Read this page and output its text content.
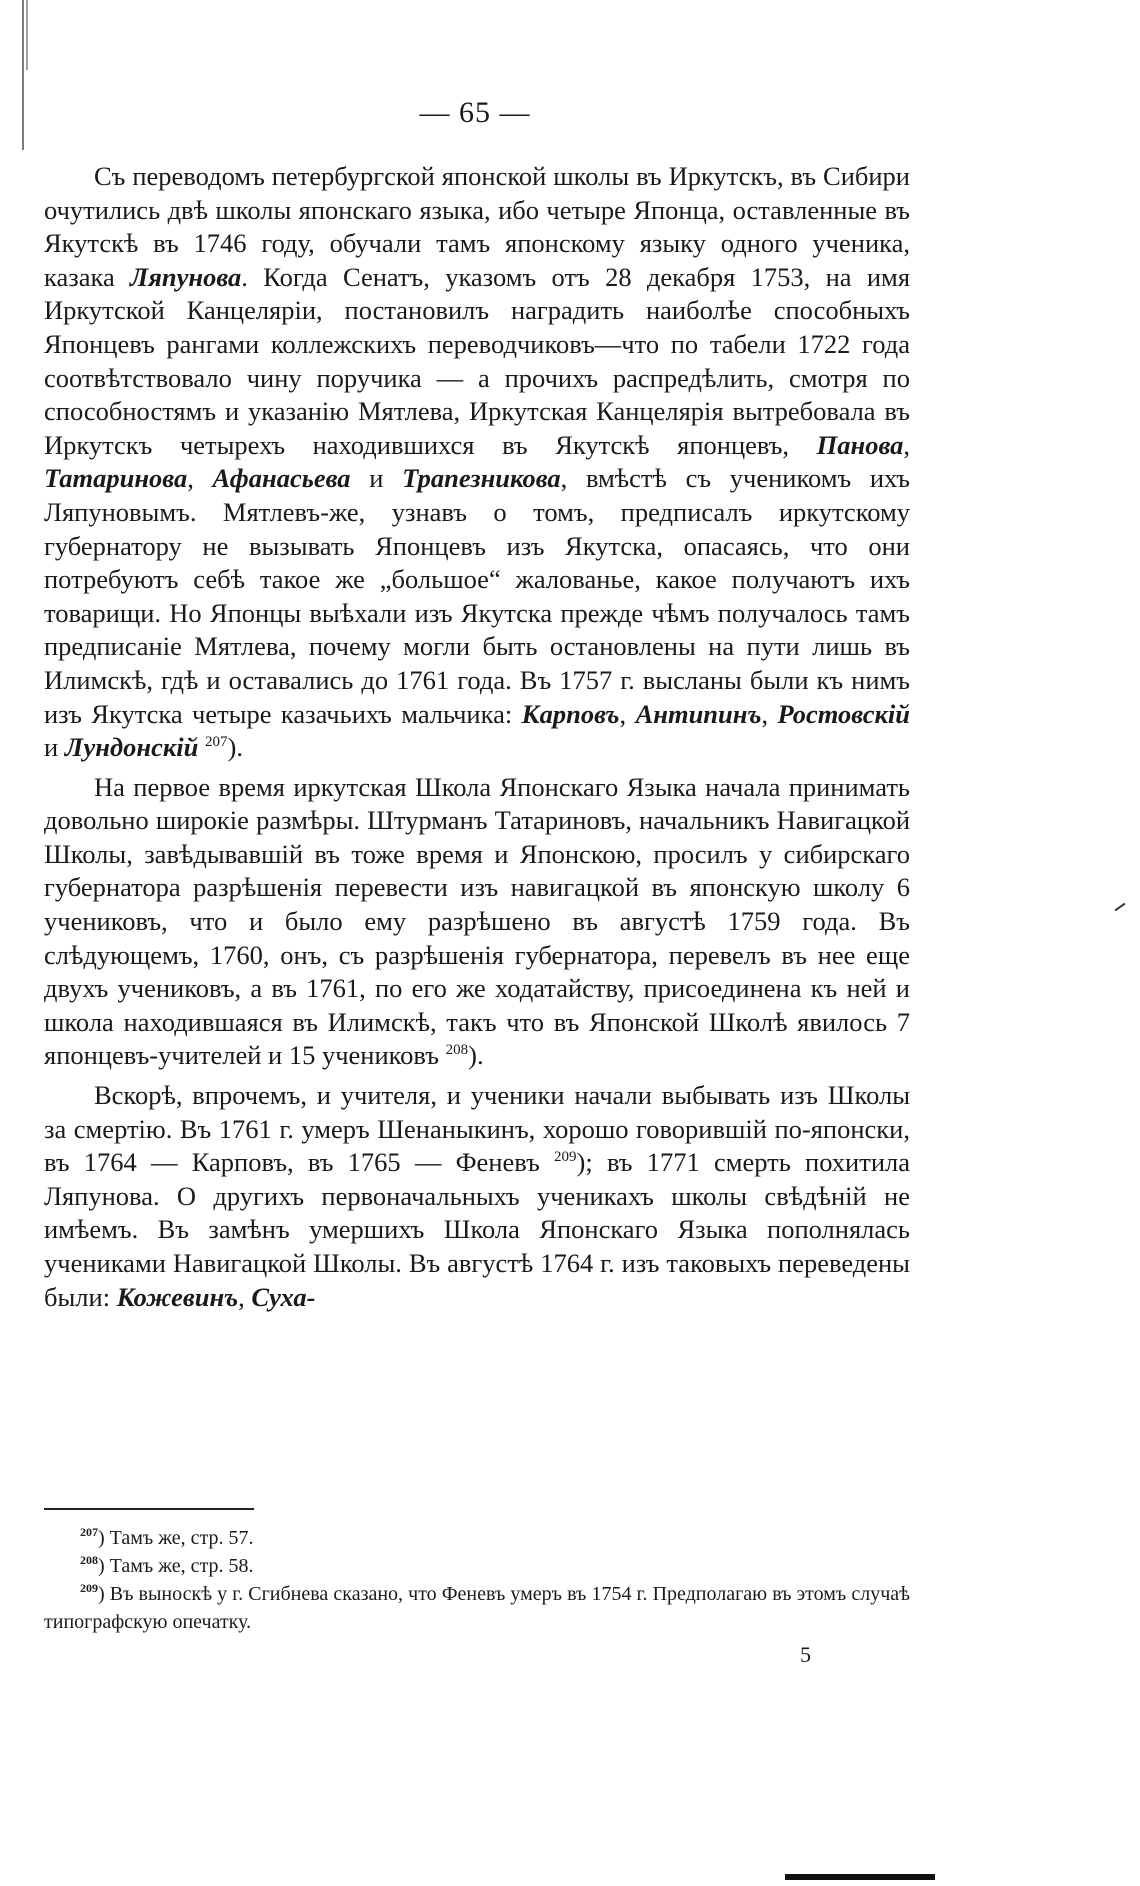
— 65 —

Съ переводомъ петербургской японской школы въ Иркутскъ, въ Сибири очутились двѣ школы японскаго языка, ибо четыре Японца, оставленные въ Якутскѣ въ 1746 году, обучали тамъ японскому языку одного ученика, казака Ляпунова. Когда Сенатъ, указомъ отъ 28 декабря 1753, на имя Иркутской Канцеляріи, постановилъ наградить наиболѣе способныхъ Японцевъ рангами коллежскихъ переводчиковъ—что по табели 1722 года соотвѣтствовало чину поручика — а прочихъ распредѣлить, смотря по способностямъ и указанію Мятлева, Иркутская Канцелярія вытребовала въ Иркутскъ четырехъ находившихся въ Якутскѣ японцевъ, Панова, Татаринова, Афанасьева и Трапезникова, вмѣстѣ съ ученикомъ ихъ Ляпуновымъ. Мятлевъ-же, узнавъ о томъ, предписалъ иркутскому губернатору не вызывать Японцевъ изъ Якутска, опасаясь, что они потребуютъ себѣ такое же „большое“ жалованье, какое получаютъ ихъ товарищи. Но Японцы выѣхали изъ Якутска прежде чѣмъ получалось тамъ предписаніе Мятлева, почему могли быть остановлены на пути лишь въ Илимскѣ, гдѣ и оставались до 1761 года. Въ 1757 г. высланы были къ нимъ изъ Якутска четыре казачьихъ мальчика: Карповъ, Антипинъ, Ростовскій и Лундонскій $^{207}$).

На первое время иркутская Школа Японскаго Языка начала принимать довольно широкіе размѣры. Штурманъ Татариновъ, начальникъ Навигацкой Школы, завѣдывавшій въ тоже время и Японскою, просилъ у сибирскаго губернатора разрѣшенія перевести изъ навигацкой въ японскую школу 6 учениковъ, что и было ему разрѣшено въ августѣ 1759 года. Въ слѣдующемъ, 1760, онъ, съ разрѣшенія губернатора, перевелъ въ нее еще двухъ учениковъ, а въ 1761, по его же ходатайству, присоединена къ ней и школа находившаяся въ Илимскѣ, такъ что въ Японской Школѣ явилось 7 японцевъ-учителей и 15 учениковъ $^{208}$).

Вскорѣ, впрочемъ, и учителя, и ученики начали выбывать изъ Школы за смертію. Въ 1761 г. умеръ Шенаныкинъ, хорошо говорившій по-японски, въ 1764 — Карповъ, въ 1765 — Феневъ $^{209}$); въ 1771 смерть похитила Ляпунова. О другихъ первоначальныхъ ученикахъ школы свѣдѣній не имѣемъ. Въ замѣнъ умершихъ Школа Японскаго Языка пополнялась учениками Навигацкой Школы. Въ августѣ 1764 г. изъ таковыхъ переведены были: Кожевинъ, Суха-

$^{207}$) Тамъ же, стр. 57.

$^{208}$) Тамъ же, стр. 58.

$^{209}$) Въ выноскѣ у г. Сгибнева сказано, что Феневъ умеръ въ 1754 г. Предполагаю въ этомъ случаѣ типографскую опечатку.

5
